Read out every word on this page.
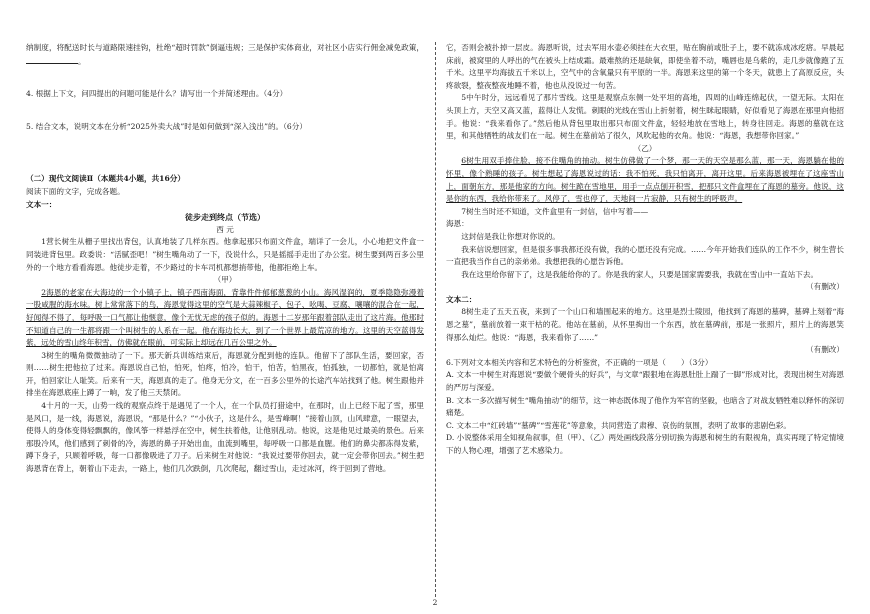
纳制度，将配送时长与道路限速挂钩，杜绝“超时罚款”倒逼违规；三是保护实体商业，对社区小店实行佣金减免政策，。

4. 根据上下文，问四提出的问题可能是什么？请写出一个并简述理由。（4分）

5. 结合文本，说明文本在分析“2025外卖大战”时是如何做到“深入浅出”的。（6分）

（二）现代文阅读Ⅱ（本题共4小题，共16分）

阅读下面的文字，完成各题。

文本一：

徒步走到终点（节选）

西 元

1营长树生从栅子里找出背包，认真地装了几样东西。他拿起那只布面文件盒，端详了一会儿，小心地把文件盒一同装进背包里。政委说：“活腻歪吧！”树生嘴角动了一下，没说什么，只是摇摇手走出了办公室。树生要到两百多公里外的一个地方看看海恩。他徒步走着，不少路过的卡车司机都想捎带他，他都拒绝上车。

（甲）

2海恩的老家在大海边的一个小镇子上，镇子西南海面，背靠件件郁郁葱葱的小山。海风湿润的，夏季隐隐弥漫着一股咸腥的海水味。树上常常落下的鸟，海恩觉得这里的空气是大蒜辣椒子、包子、吆喝、豆腐、嚷嚷的混合在一起，好闻得不得了，每呼吸一口气都让他惬意，像个无忧无虑的孩子似的。海恩十二岁那年跟着部队走出了这片海。他那时不知道自己的一生都将跟一个叫树生的人系在一起。他在海边长大，到了一个世界上最荒凉的地方。这里的天空蓝得发紫，远处的雪山终年积雪，仿佛就在眼前，可实际上却远在几百公里之外。

3树生的嘴角微微抽动了一下。那天新兵训练结束后，海恩就分配到他的连队。他留下了部队生活，要回家，否则……树生把他拉了过来。海恩说自己怕，怕死，怕疼，怕冷，怕干，怕苦，怕黑夜，怕孤独，一切都怕，就是怕离开，怕回家让人耻笑。后来有一天，海恩真的走了。他身无分文，在一百多公里外的长途汽车站找到了他。树生跟他并排坐在海恩底座上蹲了一晌，发了他三天禁闭。

4十月的一天，山势一线的观察点终于是遇见了一个人，在一个队员打猎途中，在那时，山上已经下起了雪，那里是风口，是一线，海恩说，海恩说，“那是什么？”“小伙子，这是什么，是雪峰啊！”接着山顶，山风肆意，一眼望去，使得人的身体变得轻飘飘的，像风筝一样悬浮在空中，树生扶着他，让他别乱动。他说，这是他见过最美的景色。后来那股冷风，他们感到了刺骨的冷，海恩的鼻子开始出血，血流到嘴里，每呼吸一口都是血腥。他们的鼻尖都冻得发紫，蹲下身子，只顾着呼吸，每一口都像吸进了刀子。后来树生对他说：“我说过要带你回去，就一定会带你回去。”树生把海恩背在背上，朝着山下走去，一路上，他们几次跌倒，几次爬起，翻过雪山，走过冰河，终于回到了营地。

它，否则会被扑掉一层皮。海恩听说，过去军用水壶必须挂在大衣里，贴在胸前或肚子上，要不就冻成冰疙瘩。早晨起床前，被窝里的人呼出的气在被头上结成霜。最难熬的还是缺氧，即使坐着不动，嘴唇也是乌紫的，走几步就像跑了五千米。这里平均海拔五千米以上，空气中的含氧量只有平原的一半。海恩来这里的第一个冬天，就患上了高原反应，头疼欲裂，整夜整夜地睡不着，他也从没说过一句苦。

5中午时分，远远看见了那片雪线。这里是观察点东侧一处平坦的高地，四周的山峰连绵起伏，一望无际。太阳在头顶上方，天空又高又蓝，蓝得让人发慌。刺眼的光线在雪山上折射着，树生眯起眼睛，好似看见了海恩在那里向他招手。他说：“我来看你了。”然后他从背包里取出那只布面文件盒，轻轻地放在雪地上，转身往回走。海恩的墓就在这里，和其他牺牲的战友们在一起。树生在墓前站了很久，风吹起他的衣角。他说：“海恩，我想带你回家。”

（乙）

6树生用双手捧住脸，接不住嘴角的抽动。树生仿佛做了一个梦，那一天的天空是那么蓝，那一天，海恩躺在他的怀里，像个熟睡的孩子。树生想起了海恩说过的话：我不怕死，我只怕离开，离开这里。后来海恩被埋在了这座雪山上，面朝东方，那是他家的方向。树生跪在雪地里，用手一点点刨开积雪，把那只文件盒埋在了海恩的墓旁。他说，这是你的东西，我给你带来了。风停了，雪也停了，天地间一片寂静，只有树生的呼吸声。

7树生当时还不知道，文件盒里有一封信，信中写着——

海恩：

这封信是我让你想对你说的。

我来信说想回家，但是很多事我都还没有做，我的心愿还没有完成。……今年开始我们连队的工作不少，树生营长一直把我当作自己的亲弟弟。我想把我的心愿告诉他。

我在这里给你留下了，这是我能给你的了。你是我的家人，只要是国家需要我，我就在雪山中一直站下去。

（有删改）

文本二：

8树生走了五天五夜，来到了一个山口和墙围起来的地方。这里是烈士陵园，他找到了海恩的墓碑，墓碑上刻着“海恩之墓”，墓前放着一束干枯的花。他站在墓前，从怀里掏出一个东西，放在墓碑前，那是一张照片，照片上的海恩笑得那么灿烂。他说：“海恩，我来看你了……”

（有删改）

6.下列对文本相关内容和艺术特色的分析鉴赏，不正确的一项是（　　）（3分）

A. 文本一中树生对海恩说“要做个硬骨头的好兵”，与文章“跟狠地在海恩肚肚上踹了一脚”形成对比，表现出树生对海恩的严厉与深爱。

B. 文本一多次描写树生“嘴角抽动”的细节，这一神态既体现了他作为军官的坚毅，也暗含了对战友牺牲难以释怀的深切痛楚。

C. 文本二中“红砖墙”“墓碑”“雪莲花”等意象，共同营造了肃穆、哀伤的氛围，表明了故事的悲剧色彩。

D. 小说整体采用全知视角叙事，但（甲）、（乙）两处画线段落分别切换为海恩和树生的有限视角，真实再现了特定情境下的人物心理，增强了艺术感染力。

2
